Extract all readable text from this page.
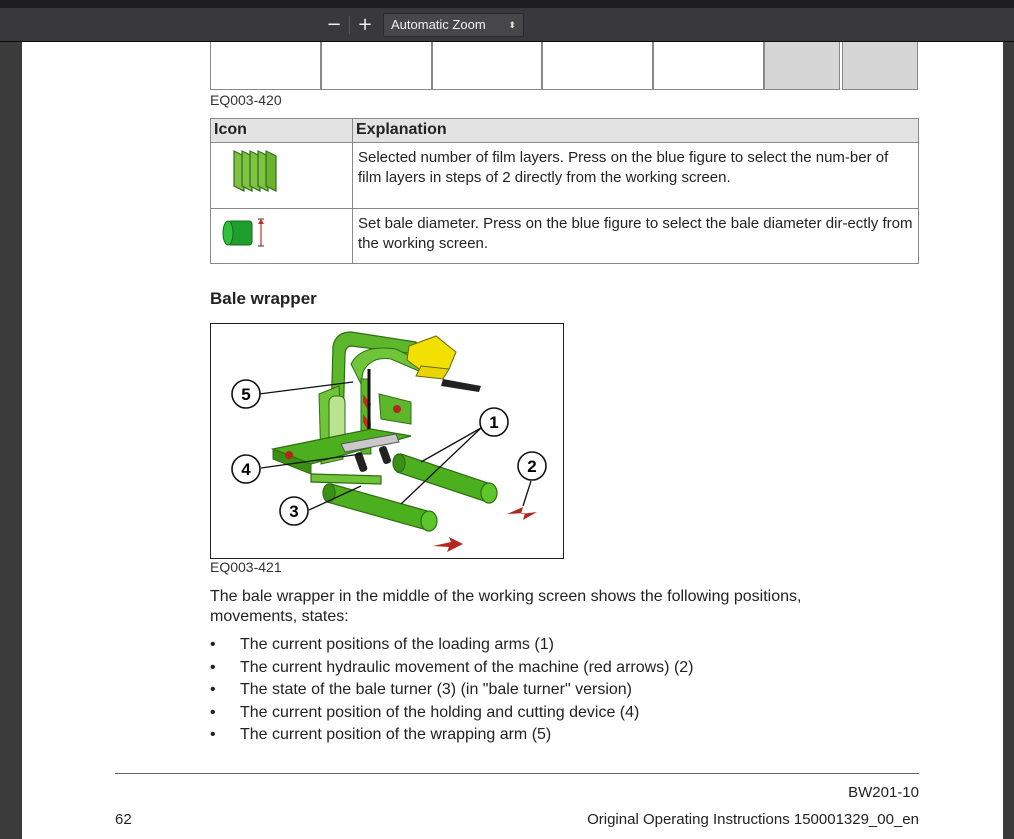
− +	Automatic Zoom	⬍
EQ003-420
Icon	Explanation
	Selected number of film layers. Press on the blue figure to select the num-ber of film layers in steps of 2 directly from the working screen.
	Set bale diameter. Press on the blue figure to select the bale diameter dir-ectly from the working screen.
Bale wrapper
5
4
3
1
2
EQ003-421
The bale wrapper in the middle of the working screen shows the following positions, movements, states:
• The current positions of the loading arms (1)
• The current hydraulic movement of the machine (red arrows) (2)
• The state of the bale turner (3) (in "bale turner" version)
• The current position of the holding and cutting device (4)
• The current position of the wrapping arm (5)
BW201-10
62	Original Operating Instructions 150001329_00_en
